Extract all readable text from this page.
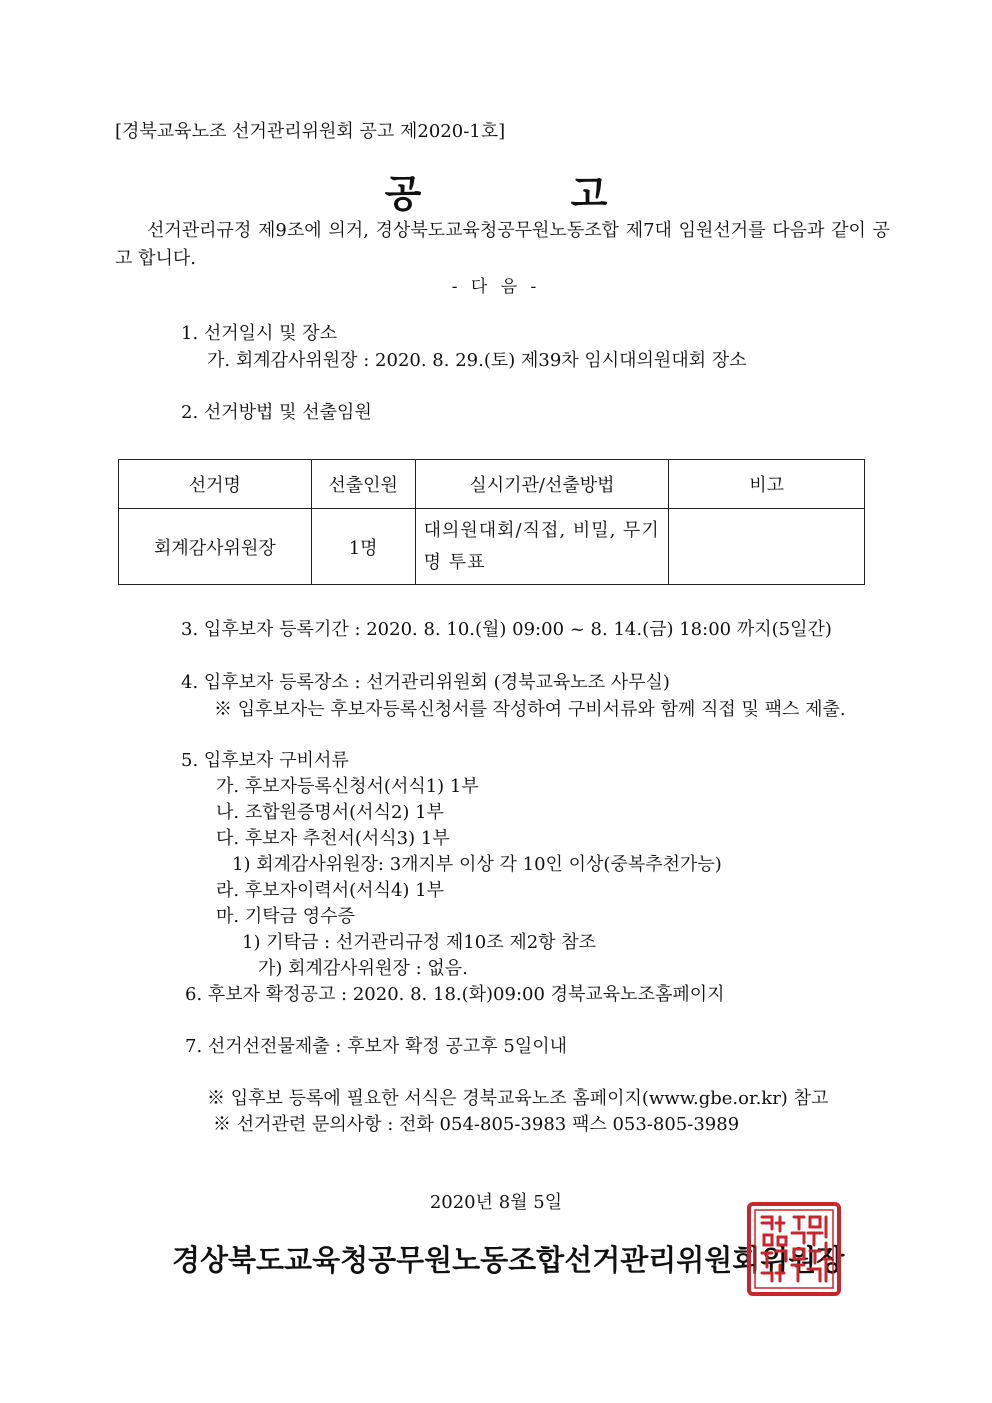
[경북교육노조 선거관리위원회 공고 제2020-1호]
공 고
선거관리규정 제9조에 의거, 경상북도교육청공무원노동조합 제7대 임원선거를 다음과 같이 공고 합니다.
- 다 음 -
1. 선거일시 및 장소
가. 회계감사위원장 : 2020. 8. 29.(토) 제39차 임시대의원대회 장소
2. 선거방법 및 선출임원
선거명	선출인원	실시기관/선출방법	비고
회계감사위원장	1명	대의원대회/직접, 비밀, 무기명 투표	
3. 입후보자 등록기간 : 2020. 8. 10.(월) 09:00 ~ 8. 14.(금) 18:00 까지(5일간)
4. 입후보자 등록장소 : 선거관리위원회 (경북교육노조 사무실)
※ 입후보자는 후보자등록신청서를 작성하여 구비서류와 함께 직접 및 팩스 제출.
5. 입후보자 구비서류
가. 후보자등록신청서(서식1) 1부
나. 조합원증명서(서식2) 1부
다. 후보자 추천서(서식3) 1부
1) 회계감사위원장: 3개지부 이상 각 10인 이상(중복추천가능)
라. 후보자이력서(서식4) 1부
마. 기탁금 영수증
1) 기탁금 : 선거관리규정 제10조 제2항 참조
가) 회계감사위원장 : 없음.
6. 후보자 확정공고 : 2020. 8. 18.(화)09:00 경북교육노조홈페이지
7. 선거선전물제출 : 후보자 확정 공고후 5일이내
※ 입후보 등록에 필요한 서식은 경북교육노조 홈페이지(www.gbe.or.kr) 참고
※ 선거관련 문의사항 : 전화 054-805-3983 팩스 053-805-3989
2020년 8월 5일
경상북도교육청공무원노동조합선거관리위원회위원장
